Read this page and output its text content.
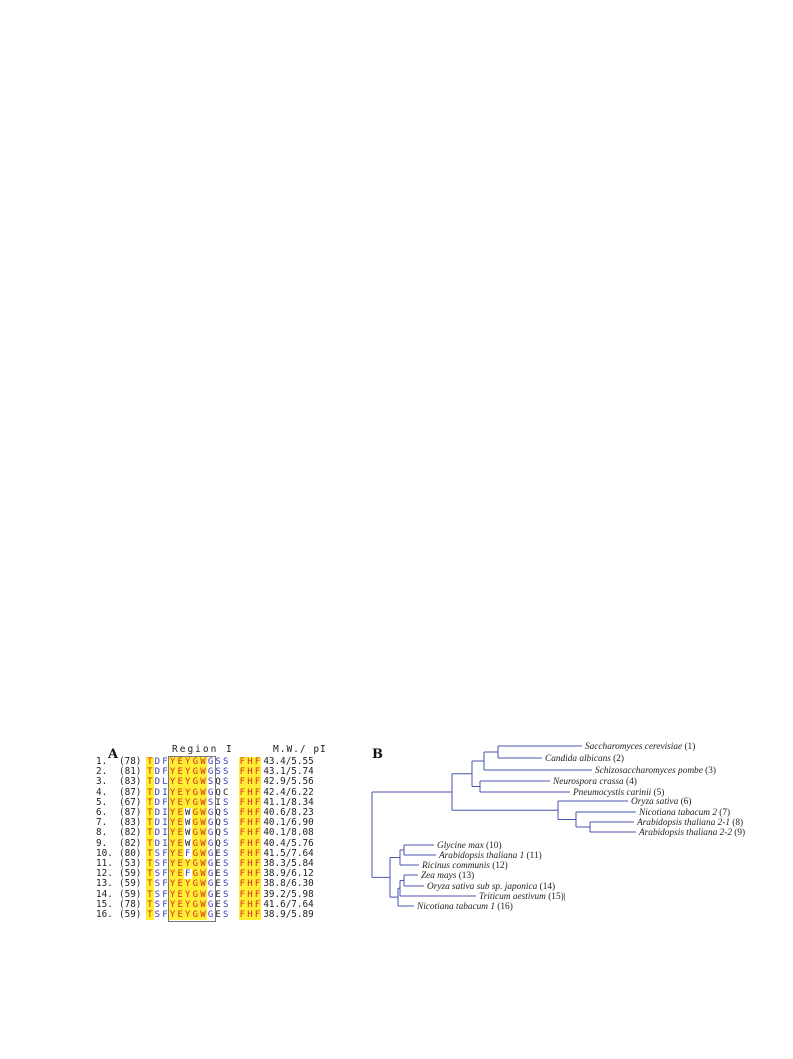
A	Region I	M.W./ pI
1. (78) T D F Y E Y G W G S S F H F 43.4/5.55
2. (81) T D F Y E Y G W G S S F H F 43.1/5.74
3. (83) T D L Y E Y G W S Q S F H F 42.9/5.56
4. (87) T D I Y E Y G W G Q C F H F 42.4/6.22
5. (67) T D F Y E Y G W S I S F H F 41.1/8.34
6. (87) T D I Y E W G W G Q S F H F 40.6/8.23
7. (83) T D I Y E W G W G Q S F H F 40.1/6.90
8. (82) T D I Y E W G W G Q S F H F 40.1/8.08
9. (82) T D I Y E W G W G Q S F H F 40.4/5.76
10. (80) T S F Y E F G W G E S F H F 41.5/7.64
11. (53) T S F Y E Y G W G E S F H F 38.3/5.84
12. (59) T S F Y E F G W G E S F H F 38.9/6.12
13. (59) T S F Y E Y G W G E S F H F 38.8/6.30
14. (59) T S F Y E Y G W G E S F H F 39.2/5.98
15. (78) T S F Y E Y G W G E S F H F 41.6/7.64
16. (59) T S F Y E Y G W G E S F H F 38.9/5.89
B	Saccharomyces cerevisiae (1)
Candida albicans (2)
Schizosaccharomyces pombe (3)
Neurospora crassa (4)
Pneumocystis carinii (5)
Oryza sativa (6)
Nicotiana tabacum 2 (7)
Arabidopsis thaliana 2-1 (8)
Arabidopsis thaliana 2-2 (9)
Glycine max (10)
Arabidopsis thaliana 1 (11)
Ricinus communis (12)
Zea mays (13)
Oryza sativa sub sp. japonica (14)
Triticum aestivum (15)|
Nicotiana tabacum 1 (16)
